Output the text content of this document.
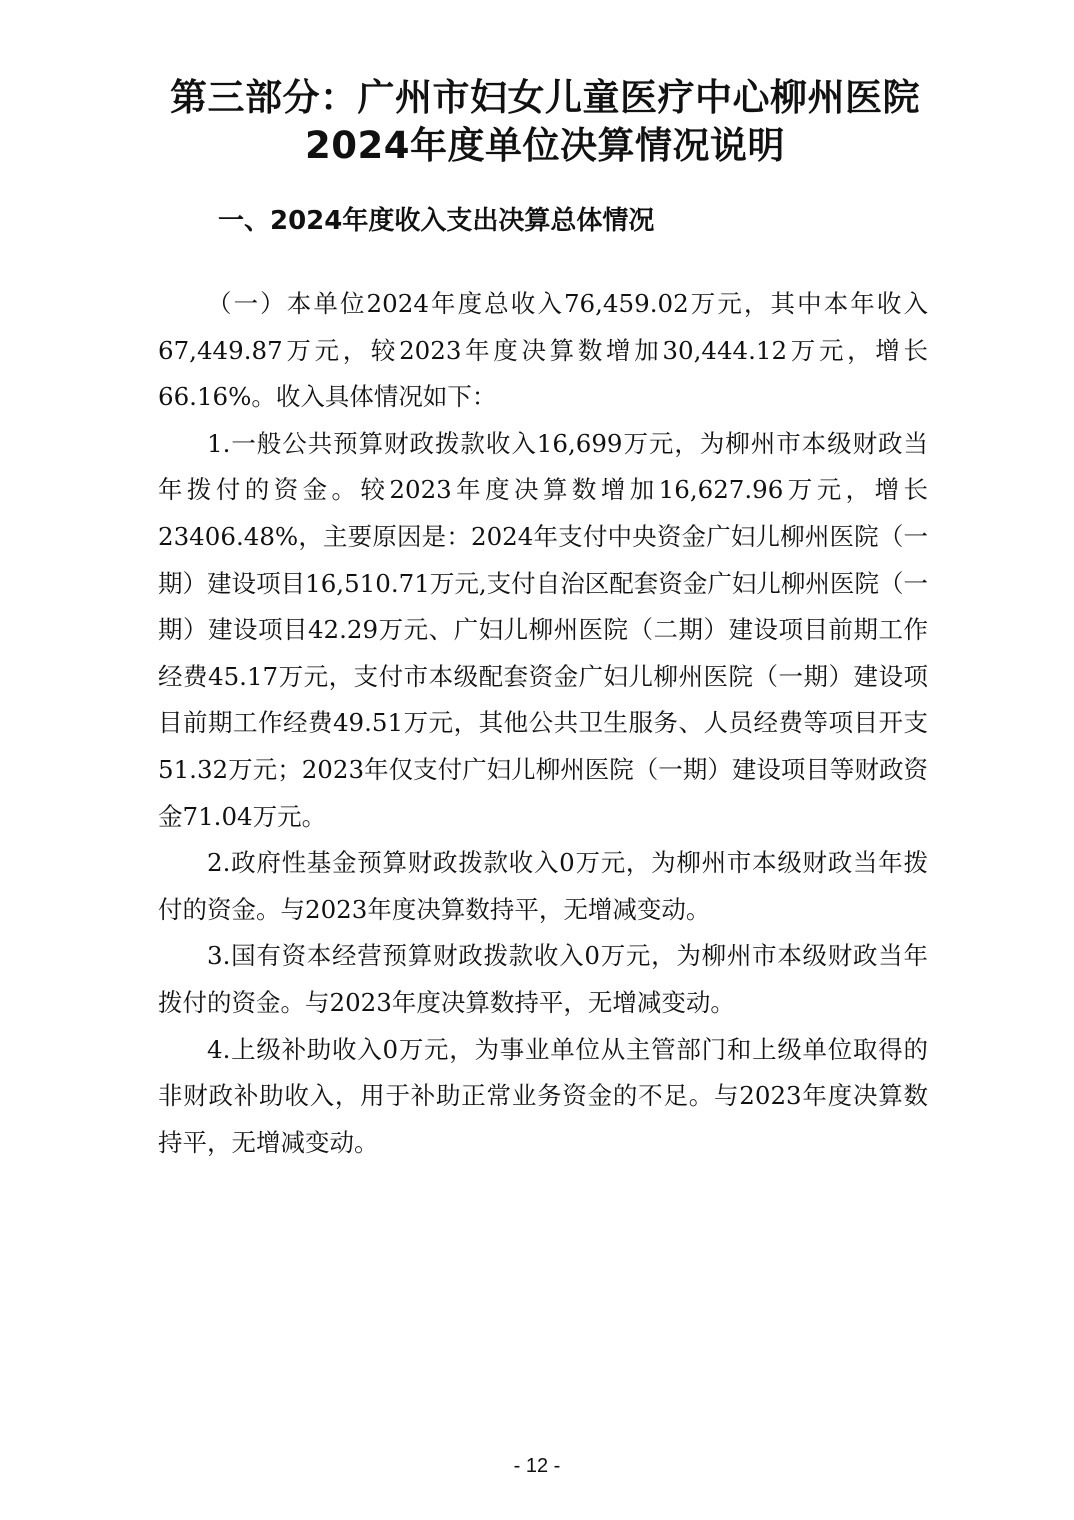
第三部分：广州市妇女儿童医疗中心柳州医院2024年度单位决算情况说明
一、2024年度收入支出决算总体情况

（一）本单位2024年度总收入76,459.02万元，其中本年收入67,449.87万元，较2023年度决算数增加30,444.12万元，增长66.16%。收入具体情况如下：

1.一般公共预算财政拨款收入16,699万元，为柳州市本级财政当年拨付的资金。较2023年度决算数增加16,627.96万元，增长23406.48%，主要原因是：2024年支付中央资金广妇儿柳州医院（一期）建设项目16,510.71万元,支付自治区配套资金广妇儿柳州医院（一期）建设项目42.29万元、广妇儿柳州医院（二期）建设项目前期工作经费45.17万元，支付市本级配套资金广妇儿柳州医院（一期）建设项目前期工作经费49.51万元，其他公共卫生服务、人员经费等项目开支51.32万元；2023年仅支付广妇儿柳州医院（一期）建设项目等财政资金71.04万元。

2.政府性基金预算财政拨款收入0万元，为柳州市本级财政当年拨付的资金。与2023年度决算数持平，无增减变动。

3.国有资本经营预算财政拨款收入0万元，为柳州市本级财政当年拨付的资金。与2023年度决算数持平，无增减变动。

4.上级补助收入0万元，为事业单位从主管部门和上级单位取得的非财政补助收入，用于补助正常业务资金的不足。与2023年度决算数持平，无增减变动。

- 12 -
